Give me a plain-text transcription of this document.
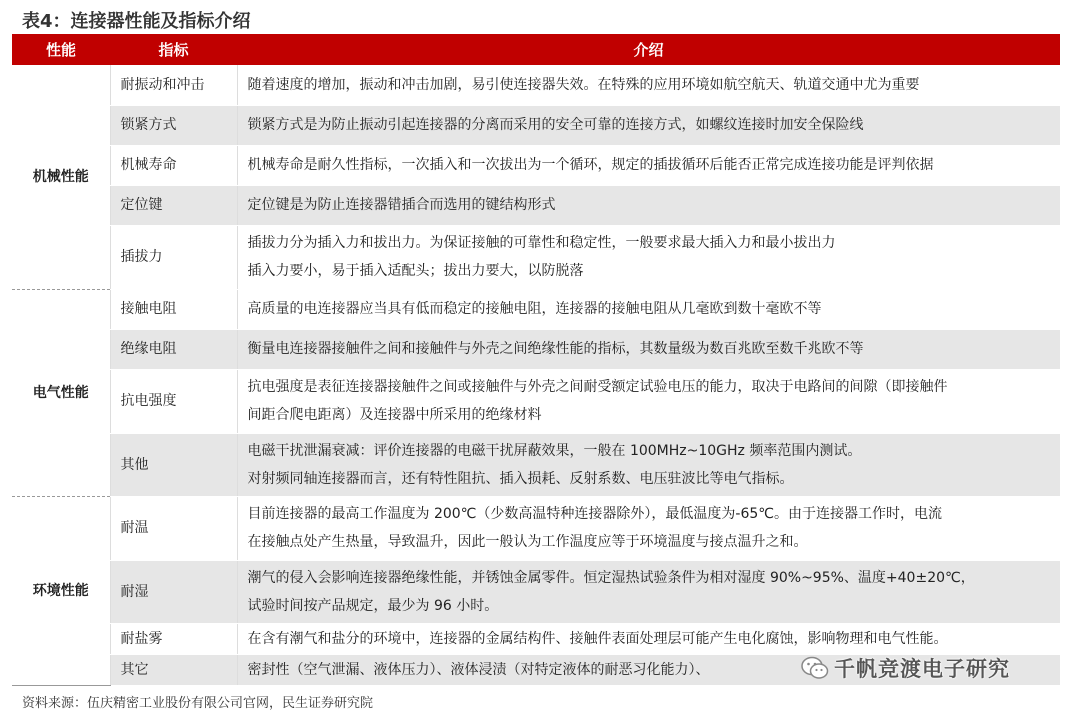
表4：连接器性能及指标介绍
性能	指标	介绍
机械性能	耐振动和冲击	随着速度的增加，振动和冲击加剧，易引使连接器失效。在特殊的应用环境如航空航天、轨道交通中尤为重要

	锁紧方式	锁紧方式是为防止振动引起连接器的分离而采用的安全可靠的连接方式，如螺纹连接时加安全保险线

	机械寿命	机械寿命是耐久性指标，一次插入和一次拔出为一个循环，规定的插拔循环后能否正常完成连接功能是评判依据

	定位键	定位键是为防止连接器错插合而选用的键结构形式

	插拔力	插拔力分为插入力和拔出力。为保证接触的可靠性和稳定性，一般要求最大插入力和最小拔出力
插入力要小，易于插入适配头；拔出力要大，以防脱落

电气性能	接触电阻	高质量的电连接器应当具有低而稳定的接触电阻，连接器的接触电阻从几毫欧到数十毫欧不等

	绝缘电阻	衡量电连接器接触件之间和接触件与外壳之间绝缘性能的指标，其数量级为数百兆欧至数千兆欧不等

	抗电强度	抗电强度是表征连接器接触件之间或接触件与外壳之间耐受额定试验电压的能力，取决于电路间的间隙（即接触件
间距合爬电距离）及连接器中所采用的绝缘材料

	其他	电磁干扰泄漏衰减：评价连接器的电磁干扰屏蔽效果，一般在 100MHz~10GHz 频率范围内测试。
对射频同轴连接器而言，还有特性阻抗、插入损耗、反射系数、电压驻波比等电气指标。

环境性能	耐温	目前连接器的最高工作温度为 200℃（少数高温特种连接器除外），最低温度为-65℃。由于连接器工作时，电流
在接触点处产生热量，导致温升，因此一般认为工作温度应等于环境温度与接点温升之和。

	耐湿	潮气的侵入会影响连接器绝缘性能，并锈蚀金属零件。恒定湿热试验条件为相对湿度 90%~95%、温度+40±20℃，
试验时间按产品规定，最少为 96 小时。

	耐盐雾	在含有潮气和盐分的环境中，连接器的金属结构件、接触件表面处理层可能产生电化腐蚀，影响物理和电气性能。

	其它	密封性（空气泄漏、液体压力）、液体浸渍（对特定液体的耐恶习化能力）、	千帆竞渡电子研究
资料来源：伍庆精密工业股份有限公司官网，民生证券研究院
